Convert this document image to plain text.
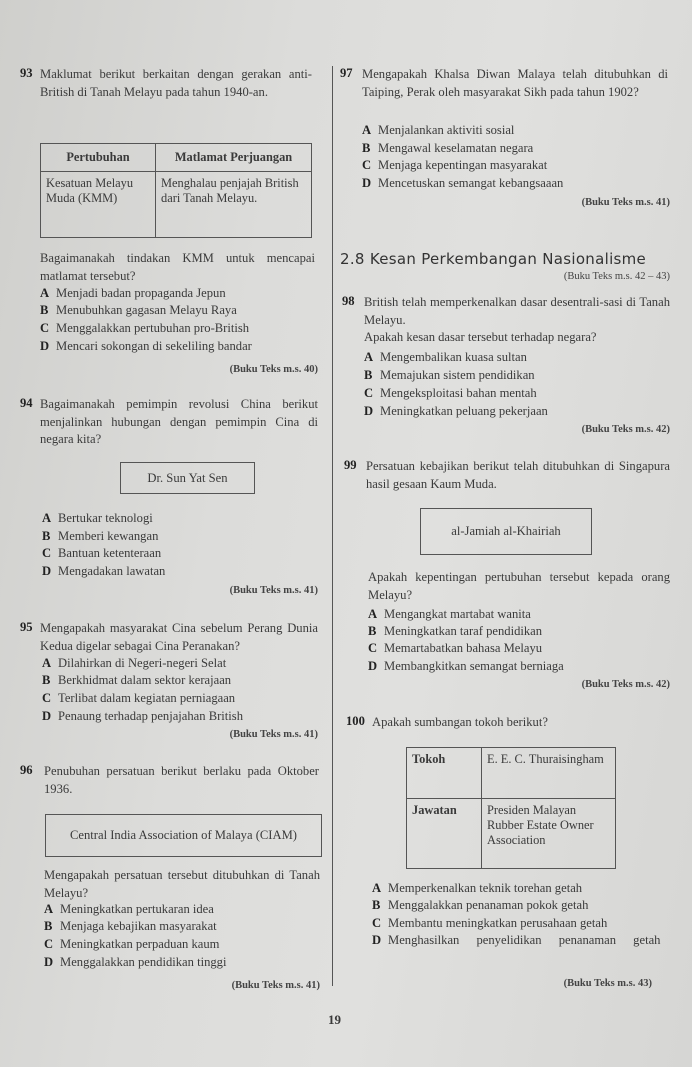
93 Maklumat berikut berkaitan dengan gerakan anti-British di Tanah Melayu pada tahun 1940-an.
Pertubuhan	Matlamat Perjuangan
Kesatuan Melayu Muda (KMM)	Menghalau penjajah British dari Tanah Melayu.
Bagaimanakah tindakan KMM untuk mencapai matlamat tersebut?
A Menjadi badan propaganda Jepun
B Menubuhkan gagasan Melayu Raya
C Menggalakkan pertubuhan pro-British
D Mencari sokongan di sekeliling bandar
(Buku Teks m.s. 40)
94 Bagaimanakah pemimpin revolusi China berikut menjalinkan hubungan dengan pemimpin Cina di negara kita?
Dr. Sun Yat Sen
A Bertukar teknologi
B Memberi kewangan
C Bantuan ketenteraan
D Mengadakan lawatan
(Buku Teks m.s. 41)
95 Mengapakah masyarakat Cina sebelum Perang Dunia Kedua digelar sebagai Cina Peranakan?
A Dilahirkan di Negeri-negeri Selat
B Berkhidmat dalam sektor kerajaan
C Terlibat dalam kegiatan perniagaan
D Penaung terhadap penjajahan British
(Buku Teks m.s. 41)
96 Penubuhan persatuan berikut berlaku pada Oktober 1936.
Central India Association of Malaya (CIAM)
Mengapakah persatuan tersebut ditubuhkan di Tanah Melayu?
A Meningkatkan pertukaran idea
B Menjaga kebajikan masyarakat
C Meningkatkan perpaduan kaum
D Menggalakkan pendidikan tinggi
(Buku Teks m.s. 41)
97 Mengapakah Khalsa Diwan Malaya telah ditubuhkan di Taiping, Perak oleh masyarakat Sikh pada tahun 1902?
A Menjalankan aktiviti sosial
B Mengawal keselamatan negara
C Menjaga kepentingan masyarakat
D Mencetuskan semangat kebangsaaan
(Buku Teks m.s. 41)
2.8 Kesan Perkembangan Nasionalisme
(Buku Teks m.s. 42 – 43)
98 British telah memperkenalkan dasar desentrali-sasi di Tanah Melayu.
Apakah kesan dasar tersebut terhadap negara?
A Mengembalikan kuasa sultan
B Memajukan sistem pendidikan
C Mengeksploitasi bahan mentah
D Meningkatkan peluang pekerjaan
(Buku Teks m.s. 42)
99 Persatuan kebajikan berikut telah ditubuhkan di Singapura hasil gesaan Kaum Muda.
al-Jamiah al-Khairiah
Apakah kepentingan pertubuhan tersebut kepada orang Melayu?
A Mengangkat martabat wanita
B Meningkatkan taraf pendidikan
C Memartabatkan bahasa Melayu
D Membangkitkan semangat berniaga
(Buku Teks m.s. 42)
100 Apakah sumbangan tokoh berikut?
Tokoh	E. E. C. Thuraisingham
Jawatan	Presiden Malayan Rubber Estate Owner Association
A Memperkenalkan teknik torehan getah
B Menggalakkan penanaman pokok getah
C Membantu meningkatkan perusahaan getah
D Menghasilkan penyelidikan penanaman getah
(Buku Teks m.s. 43)
19
